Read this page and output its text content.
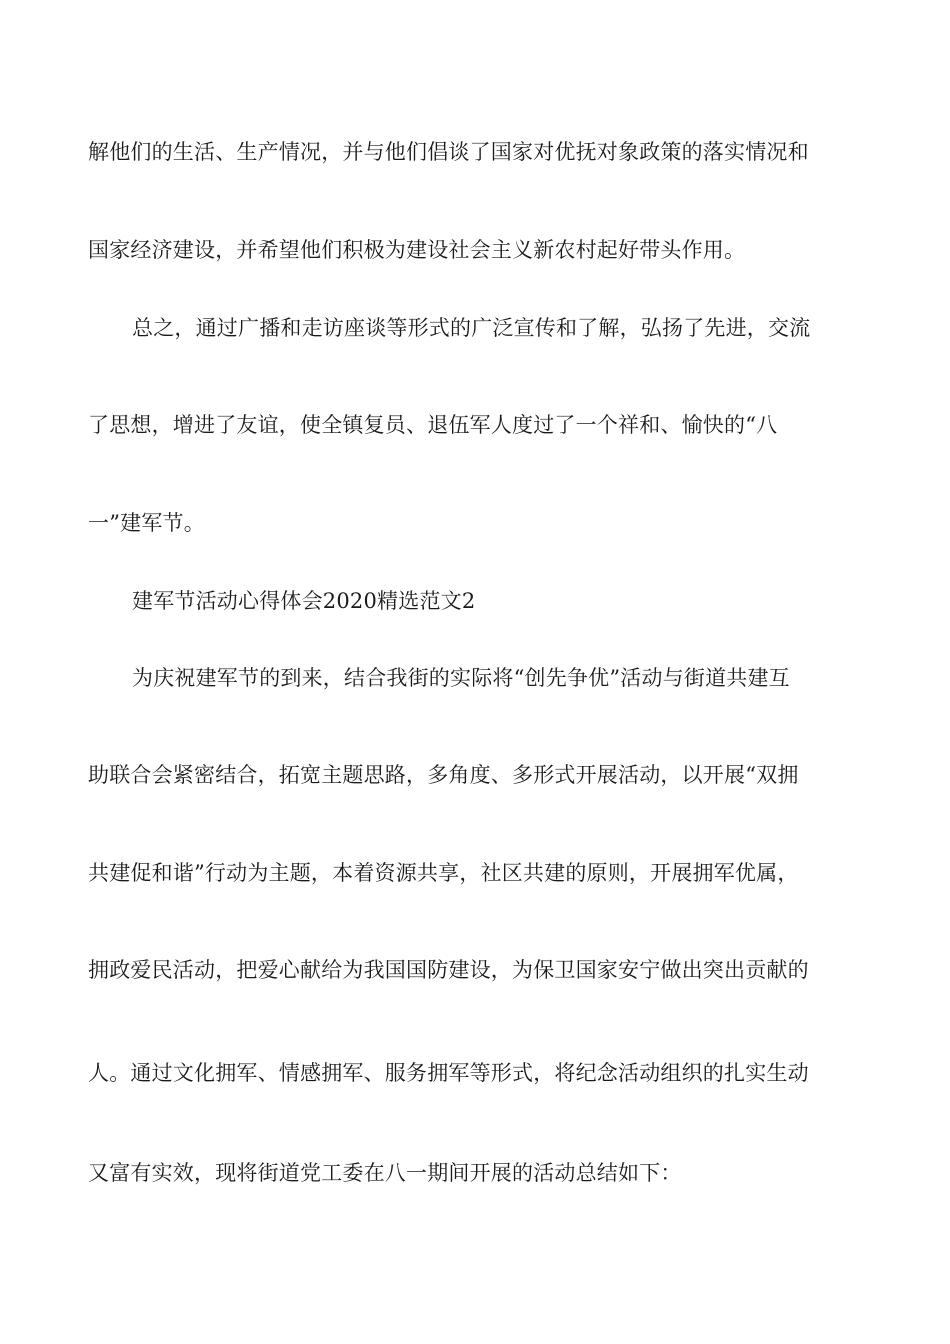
解他们的生活、生产情况，并与他们倡谈了国家对优抚对象政策的落实情况和
国家经济建设，并希望他们积极为建设社会主义新农村起好带头作用。
总之，通过广播和走访座谈等形式的广泛宣传和了解，弘扬了先进，交流
了思想，增进了友谊，使全镇复员、退伍军人度过了一个祥和、愉快的“八
一”建军节。
建军节活动心得体会2020精选范文2
为庆祝建军节的到来，结合我街的实际将“创先争优”活动与街道共建互
助联合会紧密结合，拓宽主题思路，多角度、多形式开展活动，以开展“双拥
共建促和谐”行动为主题，本着资源共享，社区共建的原则，开展拥军优属，
拥政爱民活动，把爱心献给为我国国防建设，为保卫国家安宁做出突出贡献的
人。通过文化拥军、情感拥军、服务拥军等形式，将纪念活动组织的扎实生动
又富有实效，现将街道党工委在八一期间开展的活动总结如下：
